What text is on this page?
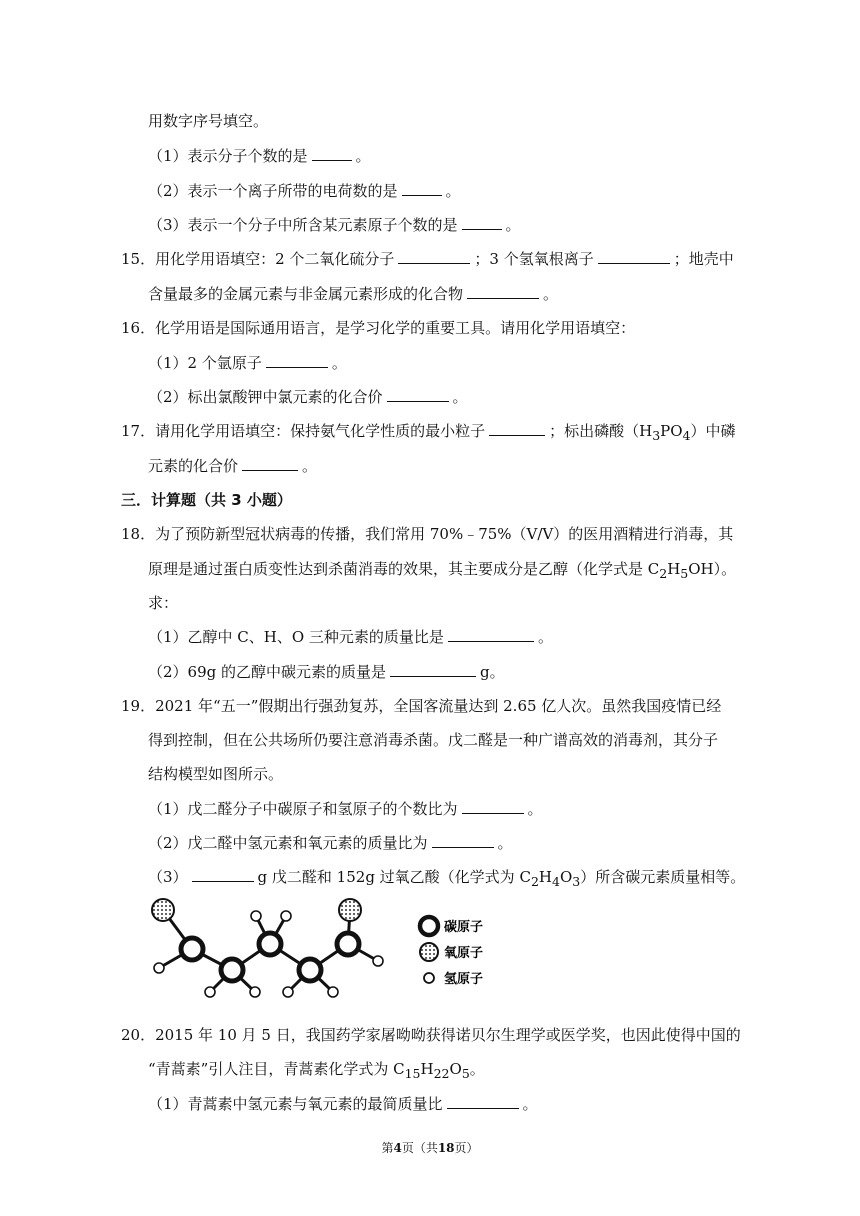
用数字序号填空。
（1）表示分子个数的是	。
（2）表示一个离子所带的电荷数的是	。
（3）表示一个分子中所含某元素原子个数的是	。
15．用化学用语填空：2 个二氧化硫分子	；3 个氢氧根离子	；地壳中
含量最多的金属元素与非金属元素形成的化合物	。
16．化学用语是国际通用语言，是学习化学的重要工具。请用化学用语填空：
（1）2 个氩原子	。
（2）标出氯酸钾中氯元素的化合价	。
17．请用化学用语填空：保持氨气化学性质的最小粒子	；标出磷酸$(H_3PO_4)$中磷
元素的化合价	。
三．计算题（共 3 小题）
18．为了预防新型冠状病毒的传播，我们常用 70%﹣75%（V/V）的医用酒精进行消毒，其
原理是通过蛋白质变性达到杀菌消毒的效果，其主要成分是乙醇（化学式是 $C_2H_5OH$）。
求：
（1）乙醇中 C、H、O 三种元素的质量比是	。
（2）69g 的乙醇中碳元素的质量是	g。
19．2021 年“五一”假期出行强劲复苏，全国客流量达到 2.65 亿人次。虽然我国疫情已经
得到控制，但在公共场所仍要注意消毒杀菌。戊二醛是一种广谱高效的消毒剂，其分子
结构模型如图所示。
（1）戊二醛分子中碳原子和氢原子的个数比为	。
（2）戊二醛中氢元素和氧元素的质量比为	。
（3）	g 戊二醛和 152g 过氧乙酸（化学式为 $C_2H_4O_3$）所含碳元素质量相等。
碳原子
氧原子
氢原子
20．2015 年 10 月 5 日，我国药学家屠呦呦获得诺贝尔生理学或医学奖，也因此使得中国的
“青蒿素”引人注目，青蒿素化学式为 $C_{15}H_{22}O_5$。
（1）青蒿素中氢元素与氧元素的最简质量比	。
第4页（共18页）
